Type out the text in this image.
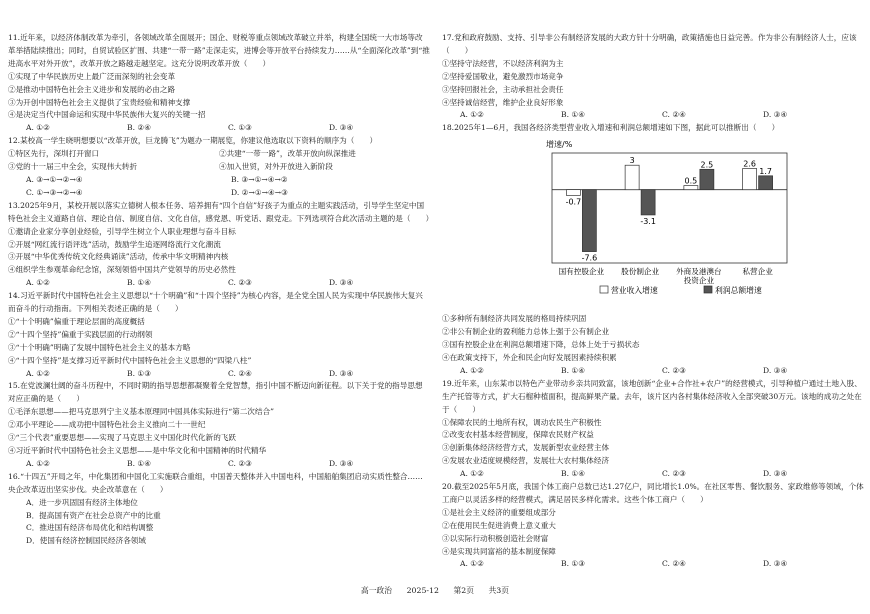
11.近年来，以经济体制改革为牵引，各领域改革全面展开；国企、财税等重点领域改革破立并举，构建全国统一大市场等改革举措陆续推出；同时，自贸试验区扩围、共建“一带一路”走深走实，进博会等开放平台持续发力……从“全面深化改革”到“推进高水平对外开放”，改革开放之路越走越坚定。这充分说明改革开放（　　）

①实现了中华民族历史上最广泛而深刻的社会变革

②是推动中国特色社会主义进步和发展的必由之路

③为开创中国特色社会主义提供了宝贵经验和精神支撑

④是决定当代中国命运和实现中华民族伟大复兴的关键一招

A. ①②	B. ②④	C. ①③	D. ③④

12.某校高一学生晓明想要以“改革开放，巨龙腾飞”为题办一期展览，你建议他选取以下资料的顺序为（　　）

①特区先行，深圳打开窗口	②共建“一带一路”，改革开放向纵深推进
③党的十一届三中全会，实现伟大转折	④加入世贸，对外开放进入新阶段
A. ③→①→②→④	B. ③→①→④→②
C. ①→③→②→④	D. ②→①→④→③

13.2025年9月，某校开展以落实立德树人根本任务、培养拥有“四个自信”好孩子为重点的主题实践活动，引导学生坚定中国特色社会主义道路自信、理论自信、制度自信、文化自信，感党恩、听党话、跟党走。下列选项符合此次活动主题的是（　　）

①邀请企业家分享创业经验，引导学生树立个人职业理想与奋斗目标

②开展“网红流行语评选”活动，鼓励学生追逐网络流行文化潮流

③开展“中华优秀传统文化经典诵读”活动，传承中华文明精神内核

④组织学生参观革命纪念馆，深刻领悟中国共产党领导的历史必然性

A. ①②	B. ①④	C. ②③	D. ③④

14.习近平新时代中国特色社会主义思想以“十个明确”和“十四个坚持”为核心内容，是全党全国人民为实现中华民族伟大复兴而奋斗的行动指南。下列相关表述正确的是（　　）

①“十个明确”偏重于理论层面的高度概括

②“十四个坚持”偏重于实践层面的行动纲领

③“十个明确”明确了发展中国特色社会主义的基本方略

④“十四个坚持”是支撑习近平新时代中国特色社会主义思想的“四梁八柱”

A. ①②	B. ①③	C. ②④	D. ③④

15.在党波澜壮阔的奋斗历程中，不同时期的指导思想都凝聚着全党智慧，指引中国不断迈向新征程。以下关于党的指导思想对应正确的是（　　）

①毛泽东思想——把马克思列宁主义基本原理同中国具体实际进行“第二次结合”

②邓小平理论——成功把中国特色社会主义推向二十一世纪

③“三个代表”重要思想——实现了马克思主义中国化时代化新的飞跃

④习近平新时代中国特色社会主义思想——是中华文化和中国精神的时代精华

A. ①②	B. ①④	C. ②③	D. ③④

16.“十四五”开局之年，中化集团和中国化工实施联合重组，中国普天整体并入中国电科，中国船舶集团启动实质性整合……央企改革迈出坚实步伐。央企改革意在（　　）

A．进一步巩固国有经济主体地位

B．提高国有资产在社会总资产中的比重

C．推进国有经济布局优化和结构调整

D．使国有经济控制国民经济各领域

17.党和政府鼓励、支持、引导非公有制经济发展的大政方针十分明确，政策措施也日益完善。作为非公有制经济人士，应该（　　）

①坚持守法经营，不以经济利润为主

②坚持爱国敬业，避免激烈市场竞争

③坚持回报社会，主动承担社会责任

④坚持诚信经营，维护企业良好形象

A. ①②	B. ①④	C. ②④	D. ③④

18.2025年1—6月，我国各经济类型营业收入增速和利润总额增速如下图，据此可以推断出（　　）

增速/%
-0.7
-7.6
国有控股企业
3
-3.1
股份制企业
0.5
2.5
外商及港澳台
投资企业
2.6
1.7
私营企业
营业收入增速	利润总额增速

①多种所有制经济共同发展的格局持续巩固

②非公有制企业的盈利能力总体上强于公有制企业

③国有控股企业在利润总额增速下降，总体上处于亏损状态

④在政策支持下，外企和民企向好发展因素持续积累

A. ①②	B. ①④	C. ②③	D. ③④

19.近年来，山东某市以特色产业带动乡亲共同致富，该地创新“企业+合作社+农户”的经营模式，引导种植户通过土地入股、生产托管等方式，扩大石榴种植面积，提高鲜果产量。去年，该片区内各村集体经济收入全部突破30万元。该地的成功之处在于（　　）

①保障农民的土地所有权，调动农民生产积极性

②改变农村基本经营制度，保障农民财产权益

③创新集体经济经营方式，发展新型农业经营主体

④发展农业适度规模经营，发展壮大农村集体经济

A. ①②	B. ①④	C. ②③	D. ③④

20.截至2025年5月底，我国个体工商户总数已达1.27亿户，同比增长1.0%。在社区零售、餐饮服务、家政维修等领域，个体工商户以灵活多样的经营模式，满足居民多样化需求。这些个体工商户（　　）

①是社会主义经济的重要组成部分

②在使用民生促进消费上意义重大

③以实际行动积极创造社会财富

④是实现共同富裕的基本制度保障

A. ①②	B. ①③	C. ②④	D. ③④
高一政治 2025-12 第2页 共3页
